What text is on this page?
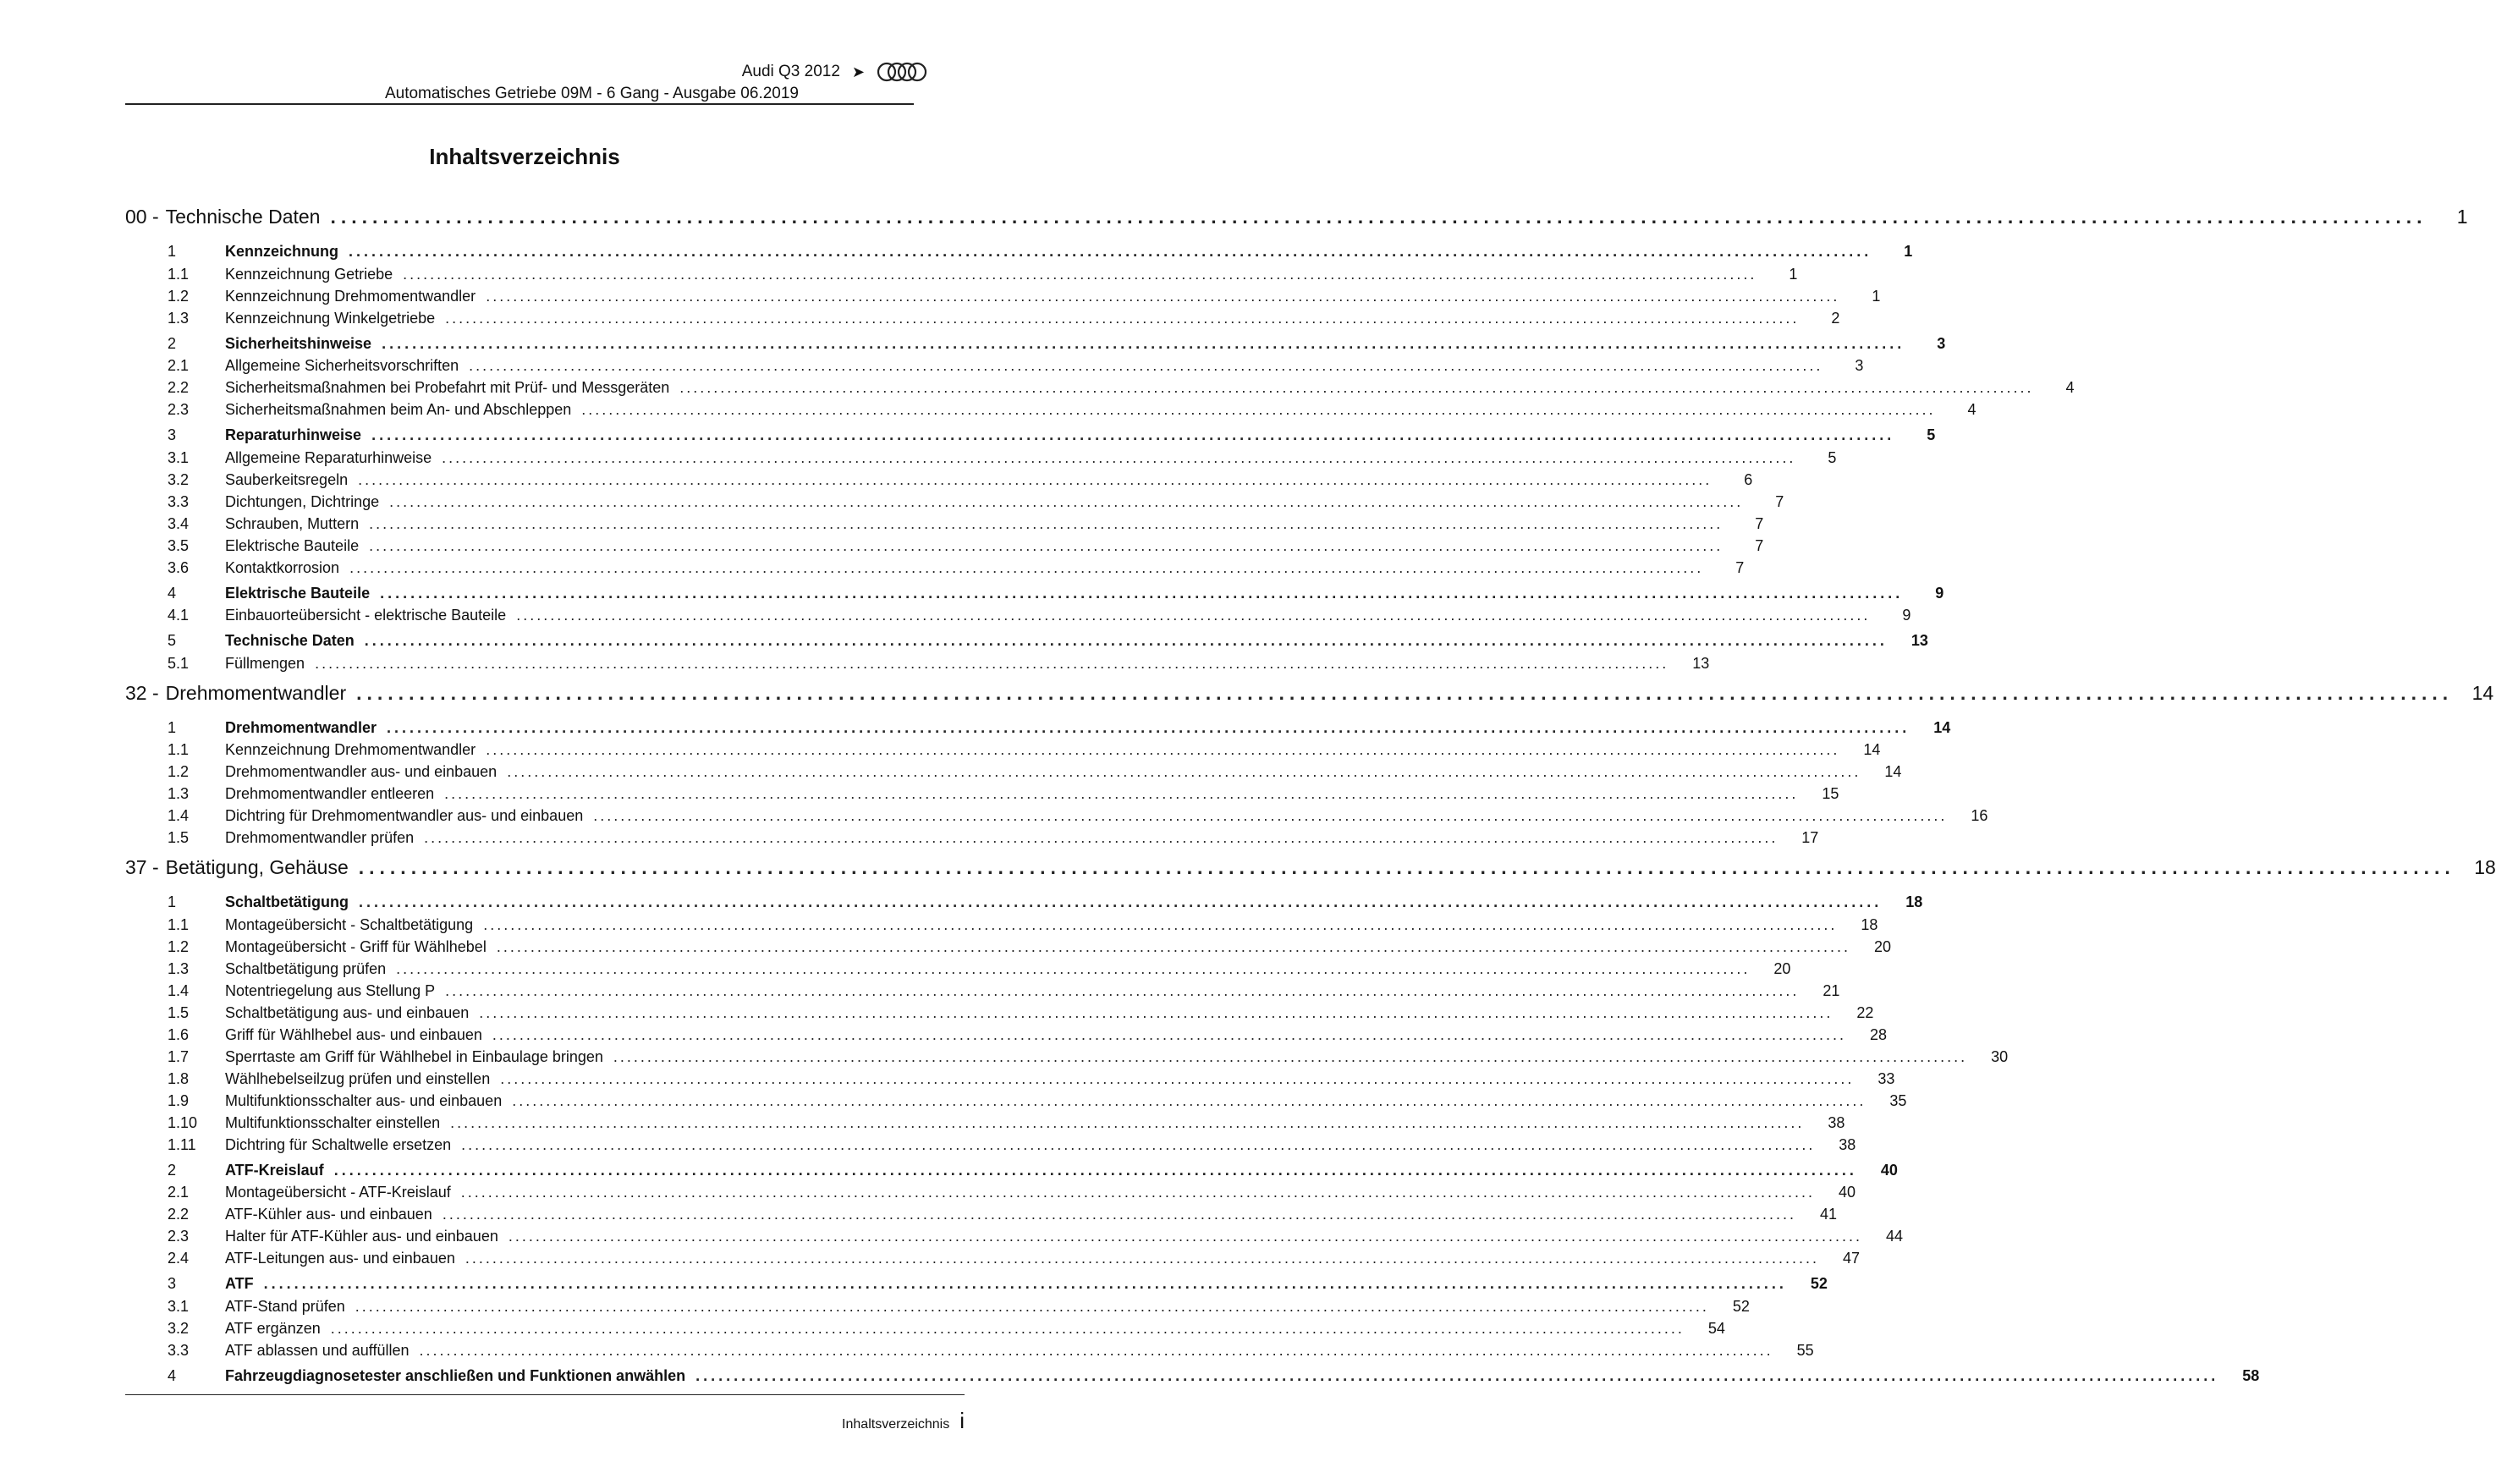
Audi Q3 2012 ➤
Automatisches Getriebe 09M - 6 Gang - Ausgabe 06.2019
Inhaltsverzeichnis
00 - Technische Daten ........................................................................................................................................................................................................	1
1	Kennzeichnung ........................................................................................................................................................................................................	1
1.1	Kennzeichnung Getriebe ........................................................................................................................................................................................................	1
1.2	Kennzeichnung Drehmomentwandler ........................................................................................................................................................................................................	1
1.3	Kennzeichnung Winkelgetriebe ........................................................................................................................................................................................................	2
2	Sicherheitshinweise ........................................................................................................................................................................................................	3
2.1	Allgemeine Sicherheitsvorschriften ........................................................................................................................................................................................................	3
2.2	Sicherheitsmaßnahmen bei Probefahrt mit Prüf- und Messgeräten ........................................................................................................................................................................................................	4
2.3	Sicherheitsmaßnahmen beim An- und Abschleppen ........................................................................................................................................................................................................	4
3	Reparaturhinweise ........................................................................................................................................................................................................	5
3.1	Allgemeine Reparaturhinweise ........................................................................................................................................................................................................	5
3.2	Sauberkeitsregeln ........................................................................................................................................................................................................	6
3.3	Dichtungen, Dichtringe ........................................................................................................................................................................................................	7
3.4	Schrauben, Muttern ........................................................................................................................................................................................................	7
3.5	Elektrische Bauteile ........................................................................................................................................................................................................	7
3.6	Kontaktkorrosion ........................................................................................................................................................................................................	7
4	Elektrische Bauteile ........................................................................................................................................................................................................	9
4.1	Einbauorteübersicht - elektrische Bauteile ........................................................................................................................................................................................................	9
5	Technische Daten ........................................................................................................................................................................................................	13
5.1	Füllmengen ........................................................................................................................................................................................................	13
32 - Drehmomentwandler ........................................................................................................................................................................................................ 14
1	Drehmomentwandler ........................................................................................................................................................................................................	14
1.1	Kennzeichnung Drehmomentwandler ........................................................................................................................................................................................................	14
1.2	Drehmomentwandler aus- und einbauen ........................................................................................................................................................................................................	14
1.3	Drehmomentwandler entleeren ........................................................................................................................................................................................................	15
1.4	Dichtring für Drehmomentwandler aus- und einbauen ........................................................................................................................................................................................................	16
1.5	Drehmomentwandler prüfen ........................................................................................................................................................................................................	17
37 - Betätigung, Gehäuse ........................................................................................................................................................................................................ 18
1	Schaltbetätigung ........................................................................................................................................................................................................	18
1.1	Montageübersicht - Schaltbetätigung ........................................................................................................................................................................................................	18
1.2	Montageübersicht - Griff für Wählhebel ........................................................................................................................................................................................................	20
1.3	Schaltbetätigung prüfen ........................................................................................................................................................................................................	20
1.4	Notentriegelung aus Stellung P ........................................................................................................................................................................................................	21
1.5	Schaltbetätigung aus- und einbauen ........................................................................................................................................................................................................	22
1.6	Griff für Wählhebel aus- und einbauen ........................................................................................................................................................................................................	28
1.7	Sperrtaste am Griff für Wählhebel in Einbaulage bringen ........................................................................................................................................................................................................	30
1.8	Wählhebelseilzug prüfen und einstellen ........................................................................................................................................................................................................	33
1.9	Multifunktionsschalter aus- und einbauen ........................................................................................................................................................................................................	35
1.10	Multifunktionsschalter einstellen ........................................................................................................................................................................................................	38
1.11	Dichtring für Schaltwelle ersetzen ........................................................................................................................................................................................................	38
2	ATF-Kreislauf ........................................................................................................................................................................................................	40
2.1	Montageübersicht - ATF-Kreislauf ........................................................................................................................................................................................................	40
2.2	ATF-Kühler aus- und einbauen ........................................................................................................................................................................................................	41
2.3	Halter für ATF-Kühler aus- und einbauen ........................................................................................................................................................................................................	44
2.4	ATF-Leitungen aus- und einbauen ........................................................................................................................................................................................................	47
3	ATF ........................................................................................................................................................................................................	52
3.1	ATF-Stand prüfen ........................................................................................................................................................................................................	52
3.2	ATF ergänzen ........................................................................................................................................................................................................	54
3.3	ATF ablassen und auffüllen ........................................................................................................................................................................................................	55
4	Fahrzeugdiagnosetester anschließen und Funktionen anwählen ........................................................................................................................................................................................................	58
Inhaltsverzeichnis i
